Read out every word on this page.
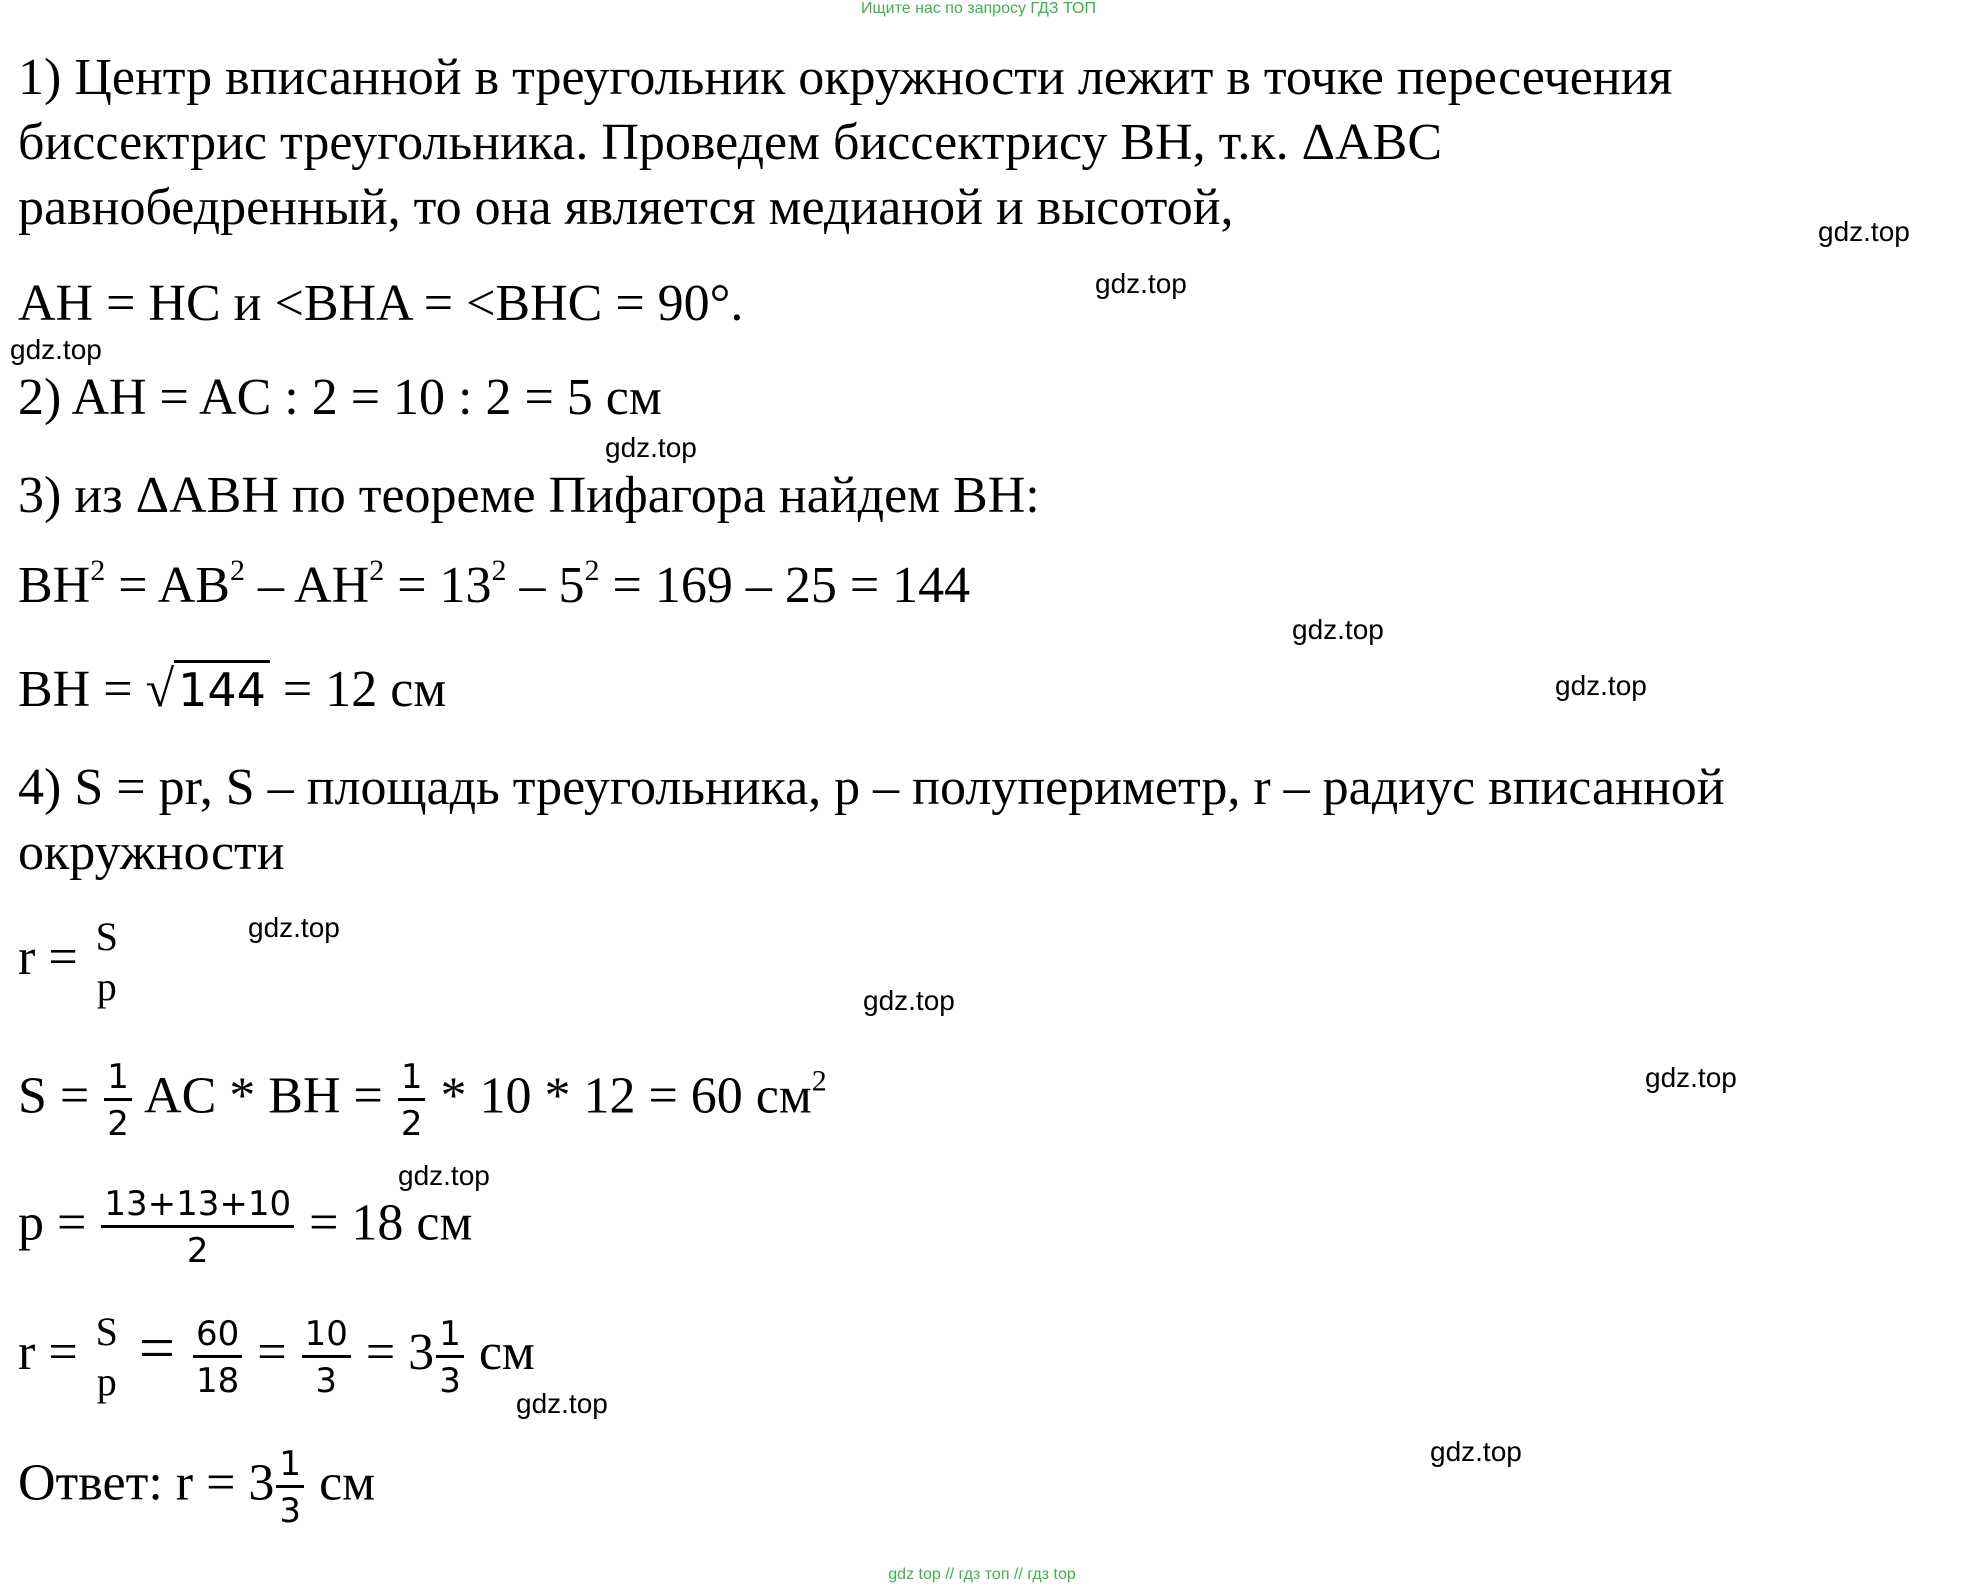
Ищите нас по запросу ГДЗ ТОП
1) Центр вписанной в треугольник окружности лежит в точке пересечения
биссектрис треугольника. Проведем биссектрису ВН, т.к. ΔABC
равнобедренный, то она является медианой и высотой,
AH = HC и <BHA = <BHC = 90°.
2) AH = AC : 2 = 10 : 2 = 5 см
3) из ΔABH по теореме Пифагора найдем BH:
$BH^2 = AB^2 - AH^2 = 13^2 - 5^2 = 169 - 25 = 144$
BH = √144 = 12 см
4) S = pr, S – площадь треугольника, p – полупериметр, r – радиус вписанной
окружности
r = S
p
$S = \frac{1}{2}$ AC * BH = $\frac{1}{2} * 10 * 12 = 60$ $см^2$
$p = \frac{13+13+10}{2} = 18$ см
r = S
$p = \frac{60}{18} = \frac{10}{3} = 3 \frac{1}{3}$ см
Ответ: $r = 3 \frac{1}{3}$ см
gdz.top
gdz.top
gdz.top
gdz.top
gdz.top
gdz.top
gdz.top
gdz.top
gdz.top
gdz.top
gdz.top
gdz.top
gdz top // гдз топ // гдз top
